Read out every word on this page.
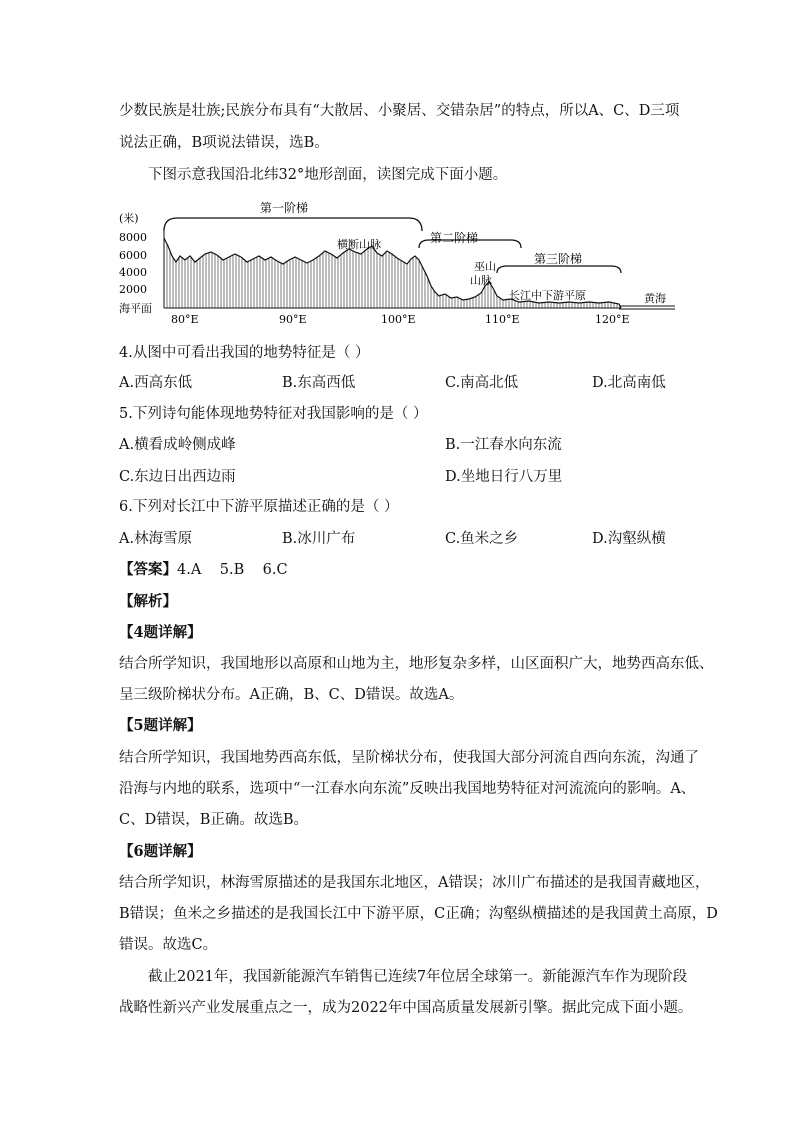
少数民族是壮族;民族分布具有“大散居、小聚居、交错杂居”的特点，所以A、C、D三项
说法正确，B项说法错误，选B。
下图示意我国沿北纬32°地形剖面，读图完成下面小题。
(米)
8000
6000
4000
2000
海平面
80°E	90°E	100°E	110°E	120°E
第一阶梯
第二阶梯
第三阶梯
横断山脉
巫山
山脉
长江中下游平原	黄海
4.从图中可看出我国的地势特征是（ ）
A.西高东低	B.东高西低	C.南高北低	D.北高南低
5.下列诗句能体现地势特征对我国影响的是（ ）
A.横看成岭侧成峰	B.一江春水向东流
C.东边日出西边雨	D.坐地日行八万里
6.下列对长江中下游平原描述正确的是（ ）
A.林海雪原	B.冰川广布	C.鱼米之乡	D.沟壑纵横
【答案】4.A    5.B    6.C
【解析】
【4题详解】
结合所学知识，我国地形以高原和山地为主，地形复杂多样，山区面积广大，地势西高东低、
呈三级阶梯状分布。A正确，B、C、D错误。故选A。
【5题详解】
结合所学知识，我国地势西高东低，呈阶梯状分布，使我国大部分河流自西向东流，沟通了
沿海与内地的联系，选项中“一江春水向东流”反映出我国地势特征对河流流向的影响。A、
C、D错误，B正确。故选B。
【6题详解】
结合所学知识，林海雪原描述的是我国东北地区，A错误；冰川广布描述的是我国青藏地区，
B错误；鱼米之乡描述的是我国长江中下游平原，C正确；沟壑纵横描述的是我国黄土高原，D
错误。故选C。
截止2021年，我国新能源汽车销售已连续7年位居全球第一。新能源汽车作为现阶段
战略性新兴产业发展重点之一，成为2022年中国高质量发展新引擎。据此完成下面小题。
